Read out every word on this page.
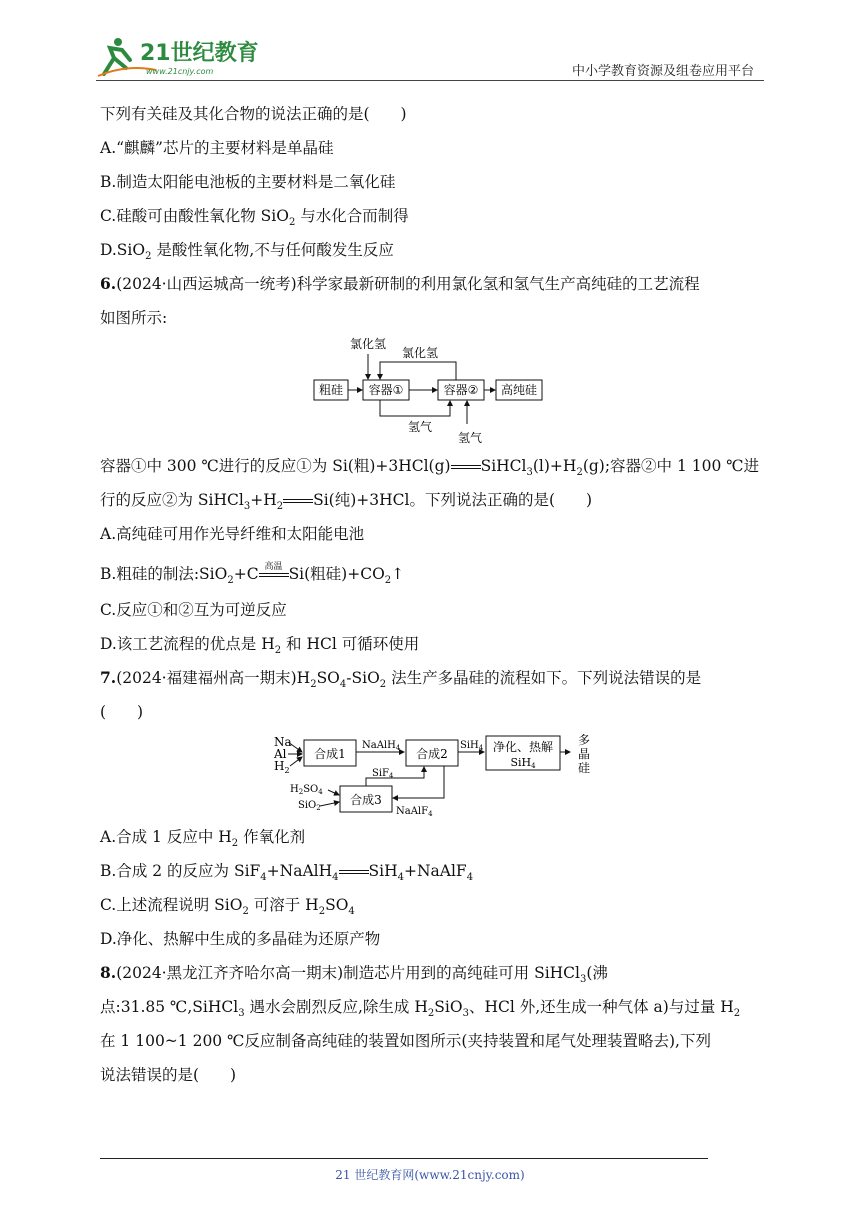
21世纪教育
www.21cnjy.com	中小学教育资源及组卷应用平台
下列有关硅及其化合物的说法正确的是(　　)
A.“麒麟”芯片的主要材料是单晶硅
B.制造太阳能电池板的主要材料是二氧化硅
C.硅酸可由酸性氧化物 SiO$_2$ 与水化合而制得
D.SiO$_2$ 是酸性氧化物,不与任何酸发生反应
6.(2024·山西运城高一统考)科学家最新研制的利用氯化氢和氢气生产高纯硅的工艺流程
如图所示:
粗硅 容器①	容器② 高纯硅
氯化氢
氯化氢
氢气
氢气
容器①中 300 ℃进行的反应①为 Si(粗)+3HCl(g) $SiHCl_3(l)+H_2(g)$;容器②中 1 100 ℃进
行的反应②为 $SiHCl_3+H_2$ Si(纯)+3HCl。下列说法正确的是(　　)
A.高纯硅可用作光导纤维和太阳能电池
B.粗硅的制法:SiO$_2$+C 高温 Si(粗硅)$+CO_2↑$
C.反应①和②互为可逆反应
D.该工艺流程的优点是 $H_2$ 和 HCl 可循环使用
7.(2024·福建福州高一期末)$H_2SO_4-SiO_2$ 法生产多晶硅的流程如下。下列说法错误的是
(　　)
Na
Al
$H_2$
合成1
NaAlH$_4$ 合成2
SiH$_4$ 净化、热解
SiH4
多
晶
硅
合成3
SiF$_4$
NaAlF$_4$
$H_2SO_4$
SiO$_2$
A.合成 1 反应中 $H_2$ 作氧化剂
B.合成 2 的反应为 SiF$_4$+NaAlH$_4$ SiH$_4$+NaAlF$_4$
C.上述流程说明 SiO$_2$ 可溶于 $H_2SO_4$
D.净化、热解中生成的多晶硅为还原产物
8.(2024·黑龙江齐齐哈尔高一期末)制造芯片用到的高纯硅可用 SiHCl$_3$(沸
点:31.85 ℃,SiHCl$_3$ 遇水会剧烈反应,除生成 $H_2SiO_3$、HCl 外,还生成一种气体 a)与过量 $H_2$
在 1 100~1 200 ℃反应制备高纯硅的装置如图所示(夹持装置和尾气处理装置略去),下列
说法错误的是(　　)
21 世纪教育网(www.21cnjy.com)
